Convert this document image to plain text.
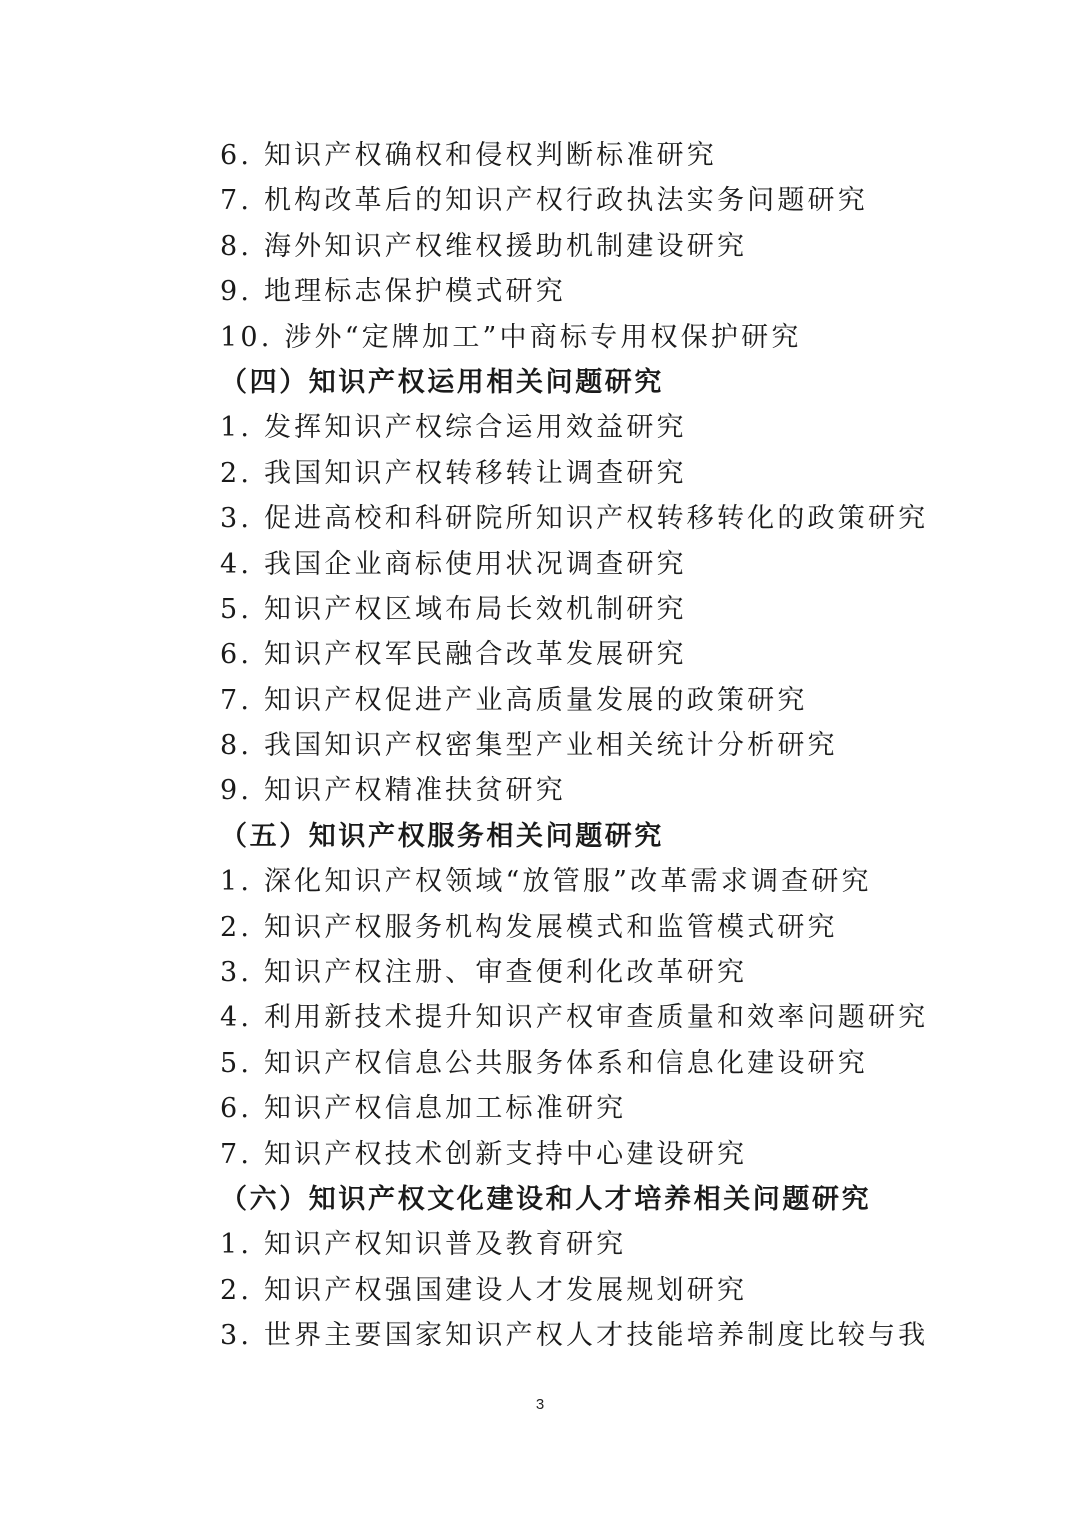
6. 知识产权确权和侵权判断标准研究
7. 机构改革后的知识产权行政执法实务问题研究
8. 海外知识产权维权援助机制建设研究
9. 地理标志保护模式研究
10. 涉外“定牌加工”中商标专用权保护研究
（四）知识产权运用相关问题研究
1. 发挥知识产权综合运用效益研究
2. 我国知识产权转移转让调查研究
3. 促进高校和科研院所知识产权转移转化的政策研究
4. 我国企业商标使用状况调查研究
5. 知识产权区域布局长效机制研究
6. 知识产权军民融合改革发展研究
7. 知识产权促进产业高质量发展的政策研究
8. 我国知识产权密集型产业相关统计分析研究
9. 知识产权精准扶贫研究
（五）知识产权服务相关问题研究
1. 深化知识产权领域“放管服”改革需求调查研究
2. 知识产权服务机构发展模式和监管模式研究
3. 知识产权注册、审查便利化改革研究
4. 利用新技术提升知识产权审查质量和效率问题研究
5. 知识产权信息公共服务体系和信息化建设研究
6. 知识产权信息加工标准研究
7. 知识产权技术创新支持中心建设研究
（六）知识产权文化建设和人才培养相关问题研究
1. 知识产权知识普及教育研究
2. 知识产权强国建设人才发展规划研究
3. 世界主要国家知识产权人才技能培养制度比较与我
3
